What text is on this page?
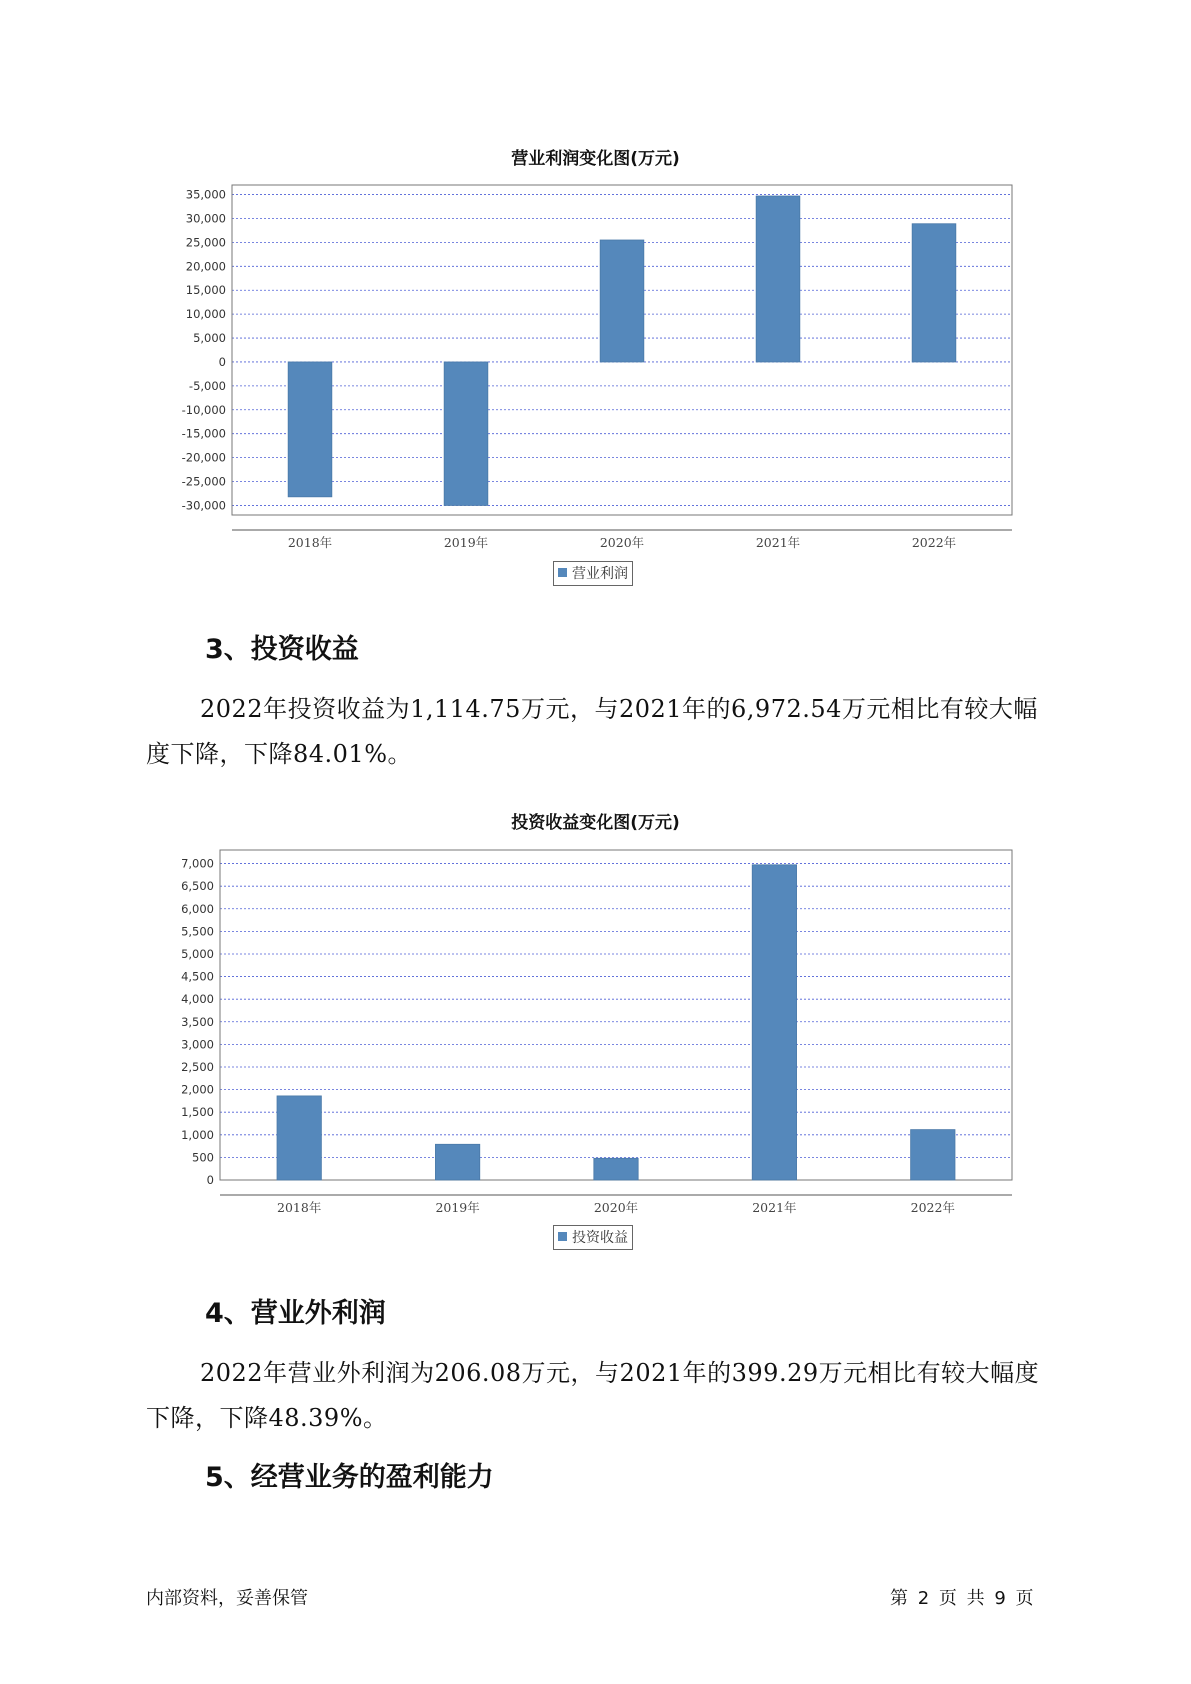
营业利润变化图(万元)
35,000
30,000
25,000
20,000
15,000
10,000
5,000
0
-5,000
-10,000
-15,000
-20,000
-25,000
-30,000
2018年	2019年	2020年	2021年	2022年
营业利润
3、投资收益

2022年投资收益为1,114.75万元，与2021年的6,972.54万元相比有较大幅度下降，下降84.01%。

投资收益变化图(万元)
7,000
6,500
6,000
5,500
5,000
4,500
4,000
3,500
3,000
2,500
2,000
1,500
1,000
500
0
2018年	2019年	2020年	2021年	2022年
投资收益
4、营业外利润

2022年营业外利润为206.08万元，与2021年的399.29万元相比有较大幅度下降，下降48.39%。

5、经营业务的盈利能力
内部资料，妥善保管	第 2 页 共 9 页
